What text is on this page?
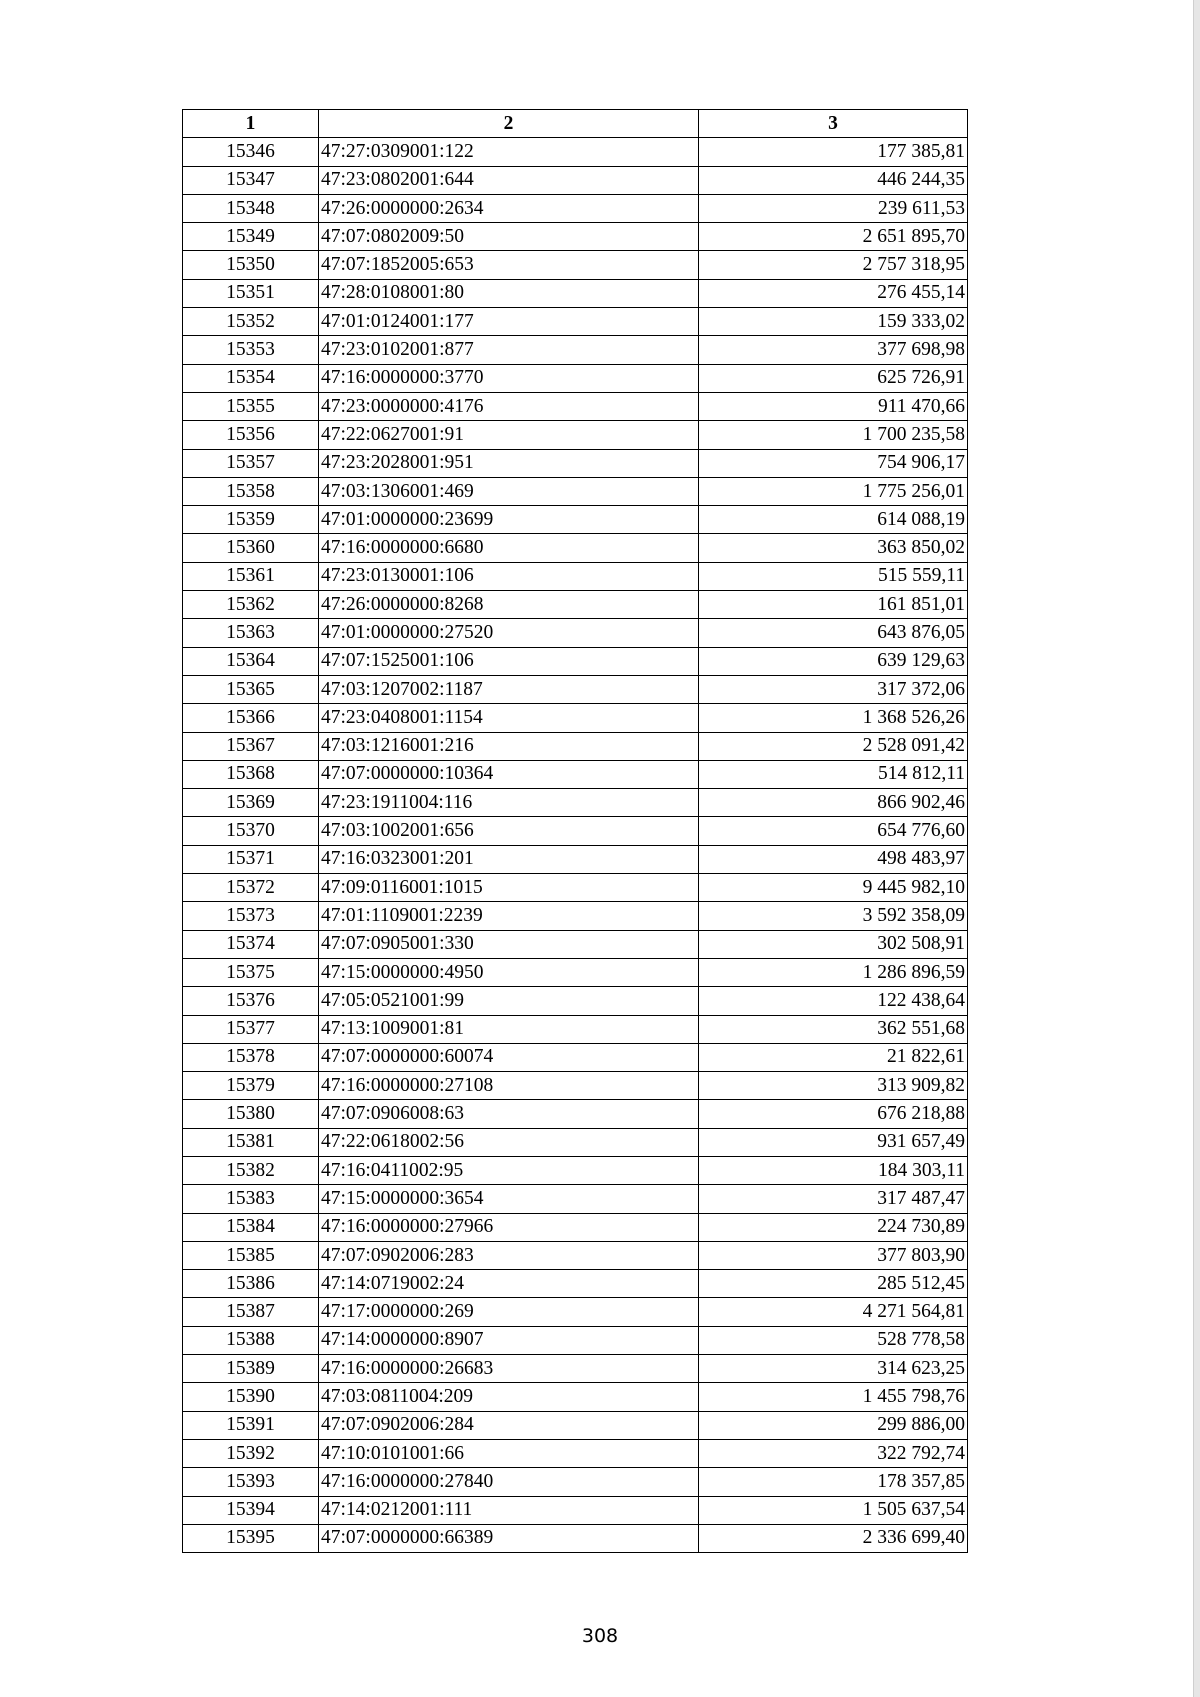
1	2	3
15346	47:27:0309001:122	177 385,81
15347	47:23:0802001:644	446 244,35
15348	47:26:0000000:2634	239 611,53
15349	47:07:0802009:50	2 651 895,70
15350	47:07:1852005:653	2 757 318,95
15351	47:28:0108001:80	276 455,14
15352	47:01:0124001:177	159 333,02
15353	47:23:0102001:877	377 698,98
15354	47:16:0000000:3770	625 726,91
15355	47:23:0000000:4176	911 470,66
15356	47:22:0627001:91	1 700 235,58
15357	47:23:2028001:951	754 906,17
15358	47:03:1306001:469	1 775 256,01
15359	47:01:0000000:23699	614 088,19
15360	47:16:0000000:6680	363 850,02
15361	47:23:0130001:106	515 559,11
15362	47:26:0000000:8268	161 851,01
15363	47:01:0000000:27520	643 876,05
15364	47:07:1525001:106	639 129,63
15365	47:03:1207002:1187	317 372,06
15366	47:23:0408001:1154	1 368 526,26
15367	47:03:1216001:216	2 528 091,42
15368	47:07:0000000:10364	514 812,11
15369	47:23:1911004:116	866 902,46
15370	47:03:1002001:656	654 776,60
15371	47:16:0323001:201	498 483,97
15372	47:09:0116001:1015	9 445 982,10
15373	47:01:1109001:2239	3 592 358,09
15374	47:07:0905001:330	302 508,91
15375	47:15:0000000:4950	1 286 896,59
15376	47:05:0521001:99	122 438,64
15377	47:13:1009001:81	362 551,68
15378	47:07:0000000:60074	21 822,61
15379	47:16:0000000:27108	313 909,82
15380	47:07:0906008:63	676 218,88
15381	47:22:0618002:56	931 657,49
15382	47:16:0411002:95	184 303,11
15383	47:15:0000000:3654	317 487,47
15384	47:16:0000000:27966	224 730,89
15385	47:07:0902006:283	377 803,90
15386	47:14:0719002:24	285 512,45
15387	47:17:0000000:269	4 271 564,81
15388	47:14:0000000:8907	528 778,58
15389	47:16:0000000:26683	314 623,25
15390	47:03:0811004:209	1 455 798,76
15391	47:07:0902006:284	299 886,00
15392	47:10:0101001:66	322 792,74
15393	47:16:0000000:27840	178 357,85
15394	47:14:0212001:111	1 505 637,54
15395	47:07:0000000:66389	2 336 699,40
308
